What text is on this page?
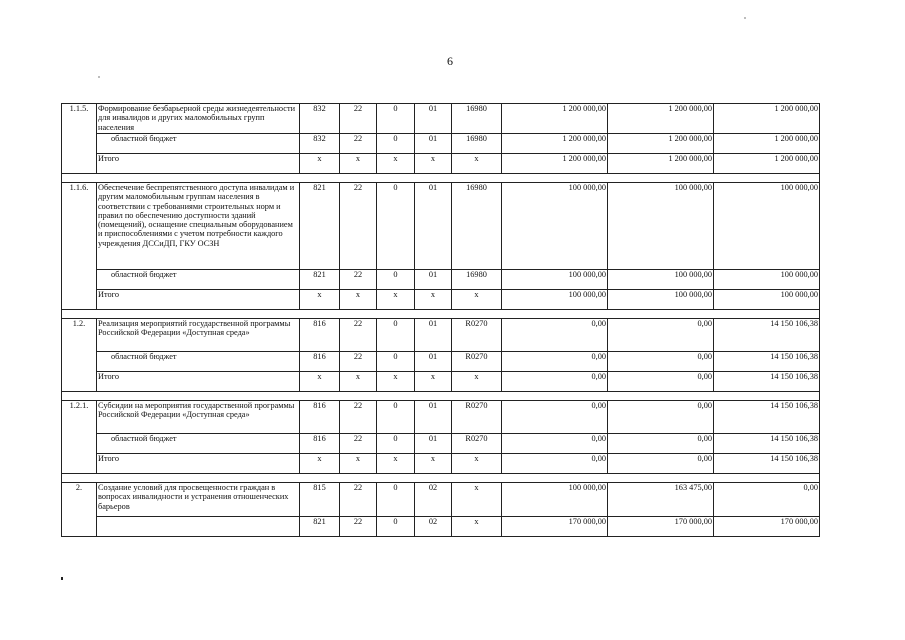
6
1.1.5.	Формирование безбарьерной среды жизнедеятельности для инвалидов и других маломобильных групп населения	832	22	0	01	16980	1 200 000,00	1 200 000,00	1 200 000,00
	областной бюджет	832	22	0	01	16980	1 200 000,00	1 200 000,00	1 200 000,00
	Итого	х	х	х	х	х	1 200 000,00	1 200 000,00	1 200 000,00

1.1.6.	Обеспечение беспрепятственного доступа инвалидам и другим маломобильным группам населения в соответствии с требованиями строительных норм и правил по обеспечению доступности зданий (помещений), оснащение специальным оборудованием и приспособлениями с учетом потребности каждого учреждения ДССиДП, ГКУ ОСЗН	821	22	0	01	16980	100 000,00	100 000,00	100 000,00
	областной бюджет	821	22	0	01	16980	100 000,00	100 000,00	100 000,00
	Итого	х	х	х	х	х	100 000,00	100 000,00	100 000,00

1.2.	Реализация мероприятий государственной программы Российской Федерации «Доступная среда»	816	22	0	01	R0270	0,00	0,00	14 150 106,38
	областной бюджет	816	22	0	01	R0270	0,00	0,00	14 150 106,38
	Итого	х	х	х	х	х	0,00	0,00	14 150 106,38

1.2.1.	Субсидии на мероприятия государственной программы Российской Федерации «Доступная среда»	816	22	0	01	R0270	0,00	0,00	14 150 106,38
	областной бюджет	816	22	0	01	R0270	0,00	0,00	14 150 106,38
	Итого	х	х	х	х	х	0,00	0,00	14 150 106,38

2.	Создание условий для просвещенности граждан в вопросах инвалидности и устранения отношенческих барьеров	815	22	0	02	х	100 000,00	163 475,00	0,00
		821	22	0	02	х	170 000,00	170 000,00	170 000,00
